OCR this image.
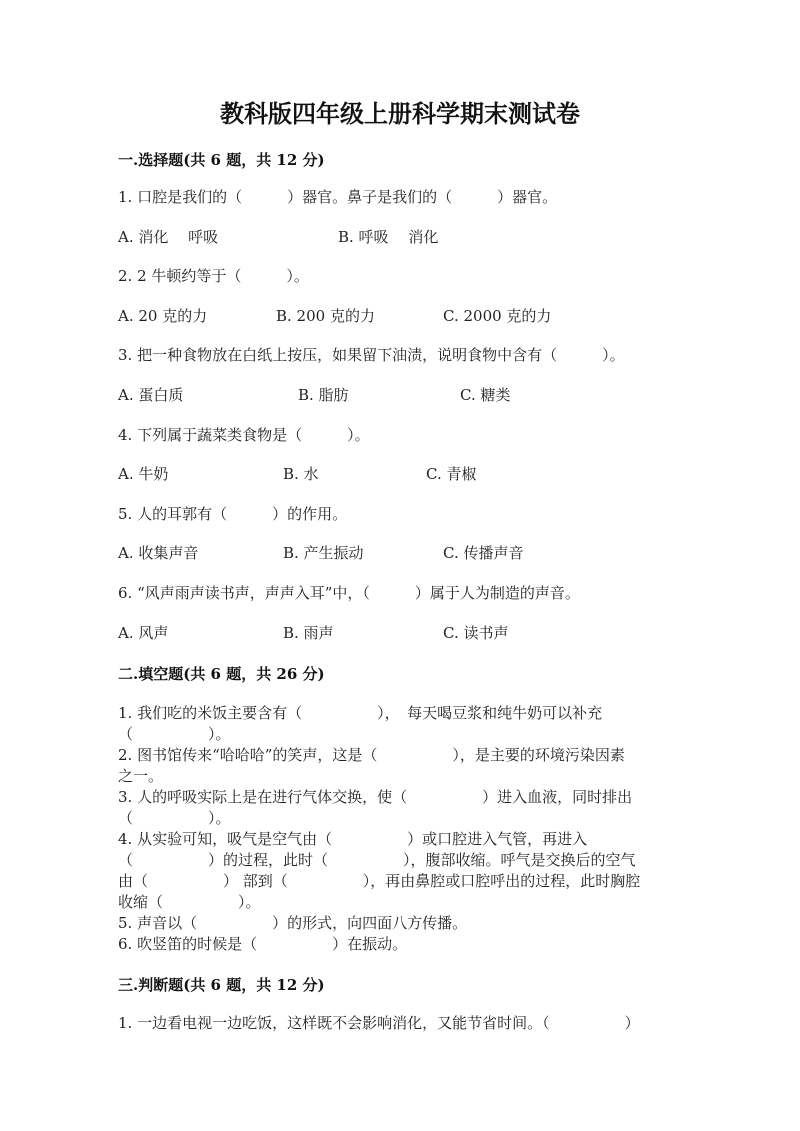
教科版四年级上册科学期末测试卷
一.选择题(共 6 题，共 12 分)
1. 口腔是我们的（　　　）器官。鼻子是我们的（　　　）器官。
A. 消化　 呼吸	B. 呼吸　 消化
2. 2 牛顿约等于（　　　）。
A. 20 克的力	B. 200 克的力	C. 2000 克的力
3. 把一种食物放在白纸上按压，如果留下油渍，说明食物中含有（　　　）。
A. 蛋白质	B. 脂肪	C. 糖类
4. 下列属于蔬菜类食物是（　　　）。
A. 牛奶	B. 水	C. 青椒
5. 人的耳郭有（　　　）的作用。
A. 收集声音	B. 产生振动	C. 传播声音
6. “风声雨声读书声，声声入耳”中，（　　　）属于人为制造的声音。
A. 风声	B. 雨声	C. 读书声
二.填空题(共 6 题，共 26 分)
1. 我们吃的米饭主要含有（　　　　　），　每天喝豆浆和纯牛奶可以补充
（　　　　　）。
2. 图书馆传来“哈哈哈”的笑声，这是（　　　　　），是主要的环境污染因素
之一。
3. 人的呼吸实际上是在进行气体交换，使（　　　　　）进入血液，同时排出
（　　　　　）。
4. 从实验可知，吸气是空气由（　　　　　）或口腔进入气管，再进入
（　　　　　）的过程，此时（　　　　　），腹部收缩。呼气是交换后的空气
由（　　　　　） 部到（　　　　　），再由鼻腔或口腔呼出的过程，此时胸腔
收缩（　　　　　）。
5. 声音以（　　　　　）的形式，向四面八方传播。
6. 吹竖笛的时候是（　　　　　）在振动。
三.判断题(共 6 题，共 12 分)
1. 一边看电视一边吃饭，这样既不会影响消化，又能节省时间。（　　　　　）
